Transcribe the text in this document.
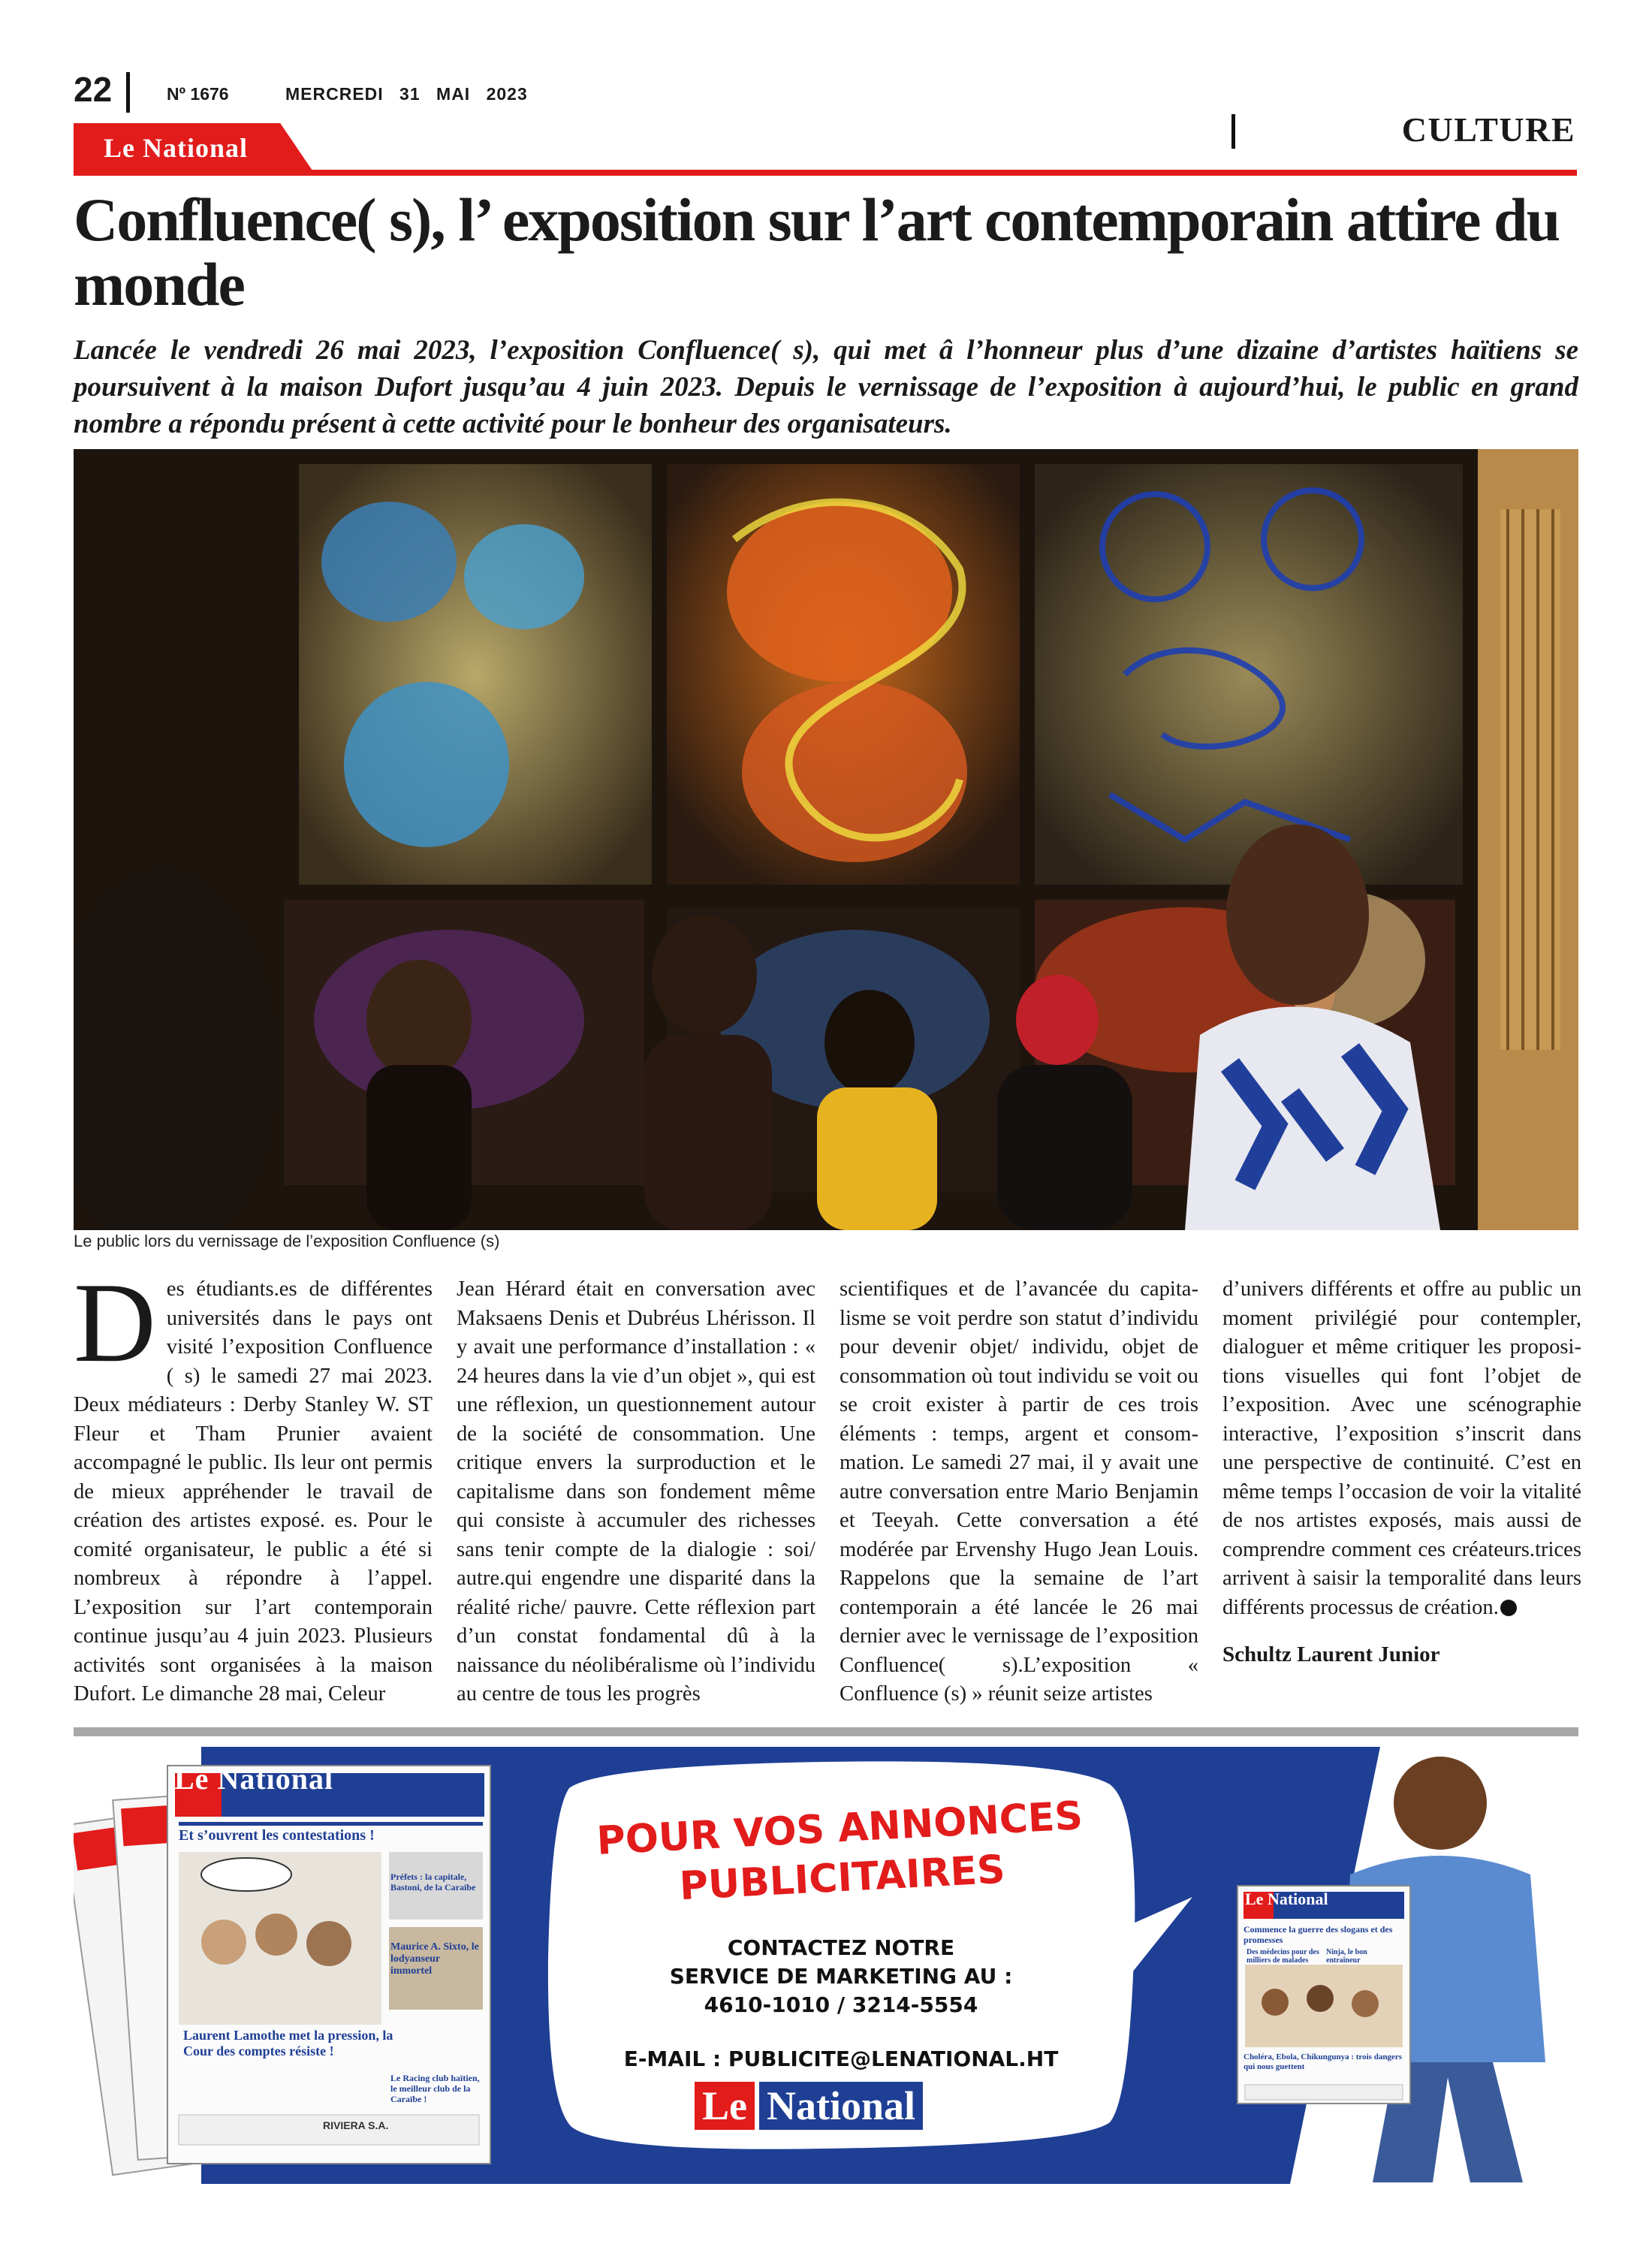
22	Nº 1676	MERCREDI 31 MAI 2023
CULTURE
Le National
Confluence( s), l’ exposition sur l’art contemporain attire du monde
Lancée le vendredi 26 mai 2023, l’exposition Confluence( s), qui met â l’honneur plus d’une dizaine d’artistes haïtiens se poursuivent à la maison Dufort jusqu’au 4 juin 2023. Depuis le vernissage de l’exposition à aujourd’hui, le public en grand nombre a répondu présent à cette activité pour le bonheur des organisateurs.
Le public lors du vernissage de l’exposition Confluence (s)
D es étudiants.es de différentes universités dans le pays ont visité l’exposition Confluence ( s) le samedi 27 mai 2023. Deux médiateurs : Derby Stanley W. ST Fleur et Tham Prunier avaient accompagné le public. Ils leur ont permis de mieux appréhender le travail de création des artistes exposé. es. Pour le comité organisateur, le public a été si nombreux à répondre à l’appel. L’exposition sur l’art contemporain continue jusqu’au 4 juin 2023. Plusieurs activités sont organisées à la maison Dufort. Le dimanche 28 mai, Celeur
Jean Hérard était en conversation avec Maksaens Denis et Dubréus Lhérisson. Il y avait une performance d’installation : « 24 heures dans la vie d’un objet », qui est une réflexion, un questionnement autour de la société de consommation. Une critique envers la surproduction et le capitalisme dans son fondement même qui consiste à accumuler des richesses sans tenir compte de la dialogie : soi/ autre.qui engendre une disparité dans la réalité riche/ pauvre. Cette réflexion part d’un constat fondamental dû à la naissance du néolibéralisme où l’individu au centre de tous les progrès
scientifiques et de l’avancée du capitalisme se voit perdre son statut d’individu pour devenir objet/ individu, objet de consommation où tout individu se voit ou se croit exister à partir de ces trois éléments : temps, argent et consommation. Le samedi 27 mai, il y avait une autre conversation entre Mario Benjamin et Teeyah. Cette conversation a été modérée par Ervenshy Hugo Jean Louis. Rappelons que la semaine de l’art contemporain a été lancée le 26 mai dernier avec le vernissage de l’exposition Confluence( s).L’exposition « Confluence (s) » réunit seize artistes
d’univers différents et offre au public un moment privilégié pour contempler, dialoguer et même critiquer les propositions visuelles qui font l’objet de l’exposition. Avec une scénographie interactive, l’exposition s’inscrit dans une perspective de continuité. C’est en même temps l’occasion de voir la vitalité de nos artistes exposés, mais aussi de comprendre comment ces créateurs.trices arrivent à saisir la temporalité dans leurs différents processus de création.
Schultz Laurent Junior
Le National
Et s’ouvrent les contestations !
Laurent Lamothe met la pression, la Cour des comptes résiste !
Préfets : la capitale, Bastoni, de la Caraïbe
Maurice A. Sixto, le lodyanseur immortel
Le Racing club haïtien, le meilleur club de la Caraïbe !
RIVIERA S.A.
Le National
Commence la guerre des slogans et des promesses
Des médecins pour des milliers de malades
Ninja, le bon entraîneur
Choléra, Ebola, Chikungunya : trois dangers qui nous guettent
POUR VOS ANNONCES
PUBLICITAIRES
CONTACTEZ NOTRE
SERVICE DE MARKETING AU :
4610-1010 / 3214-5554
E-MAIL : PUBLICITE@LENATIONAL.HT
Le National
